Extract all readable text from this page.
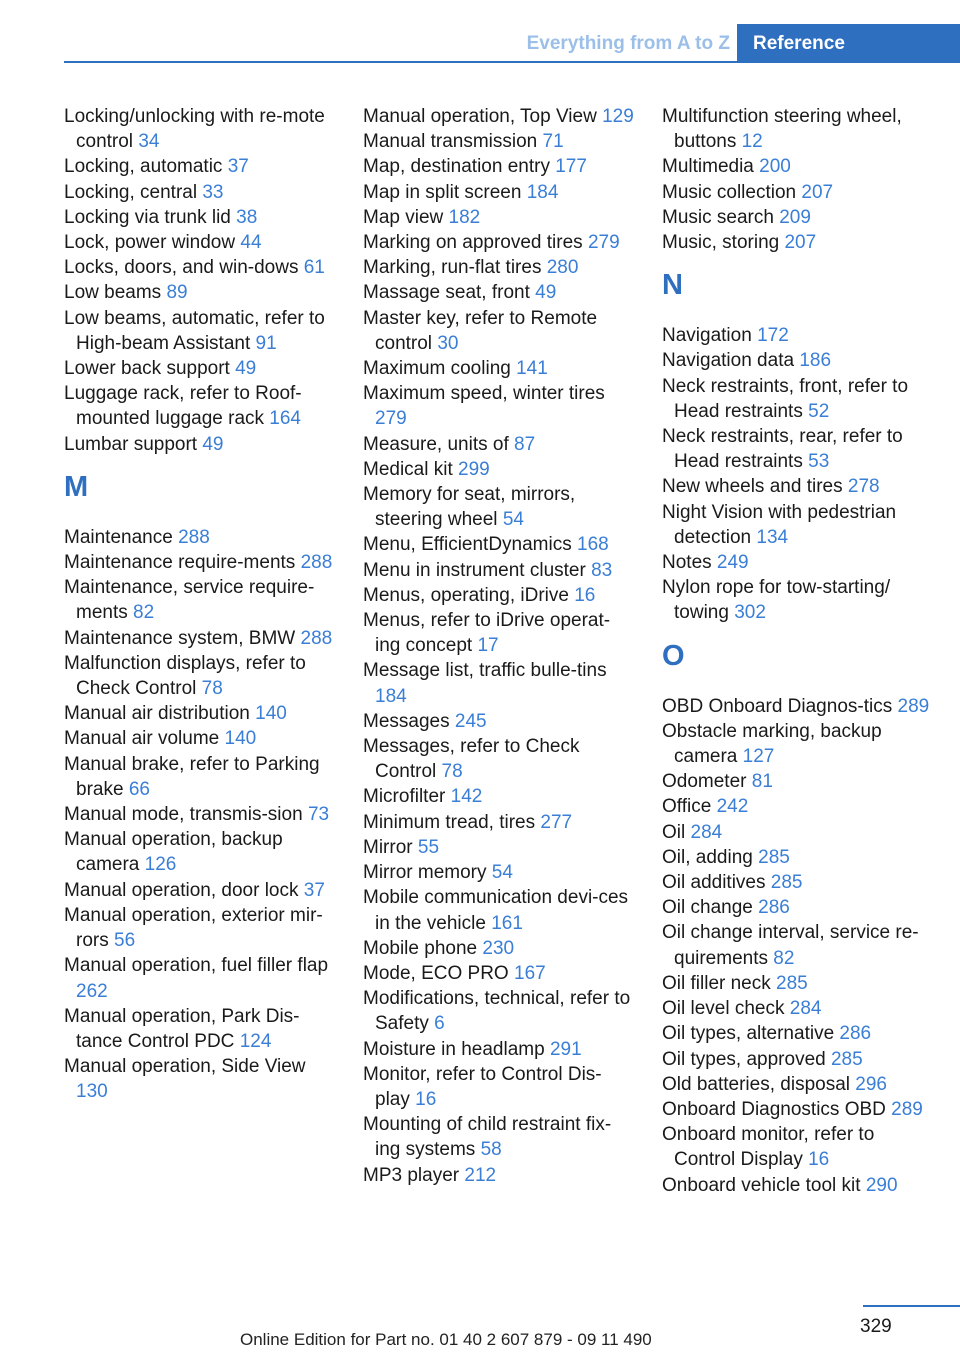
Everything from A to Z	Reference

Locking/unlocking with re-mote control 34

Locking, automatic 37

Locking, central 33

Locking via trunk lid 38

Lock, power window 44

Locks, doors, and win-dows 61

Low beams 89

Low beams, automatic, refer to High-beam Assistant 91

Lower back support 49

Luggage rack, refer to Roof-mounted luggage rack 164

Lumbar support 49

M

Maintenance 288

Maintenance require-ments 288

Maintenance, service require-ments 82

Maintenance system, BMW 288

Malfunction displays, refer to Check Control 78

Manual air distribution 140

Manual air volume 140

Manual brake, refer to Parking brake 66

Manual mode, transmis-sion 73

Manual operation, backup camera 126

Manual operation, door lock 37

Manual operation, exterior mir-rors 56

Manual operation, fuel filler flap 262

Manual operation, Park Dis-tance Control PDC 124

Manual operation, Side View 130

Manual operation, Top View 129

Manual transmission 71

Map, destination entry 177

Map in split screen 184

Map view 182

Marking on approved tires 279

Marking, run-flat tires 280

Massage seat, front 49

Master key, refer to Remote control 30

Maximum cooling 141

Maximum speed, winter tires 279

Measure, units of 87

Medical kit 299

Memory for seat, mirrors, steering wheel 54

Menu, EfficientDynamics 168

Menu in instrument cluster 83

Menus, operating, iDrive 16

Menus, refer to iDrive operat-ing concept 17

Message list, traffic bulle-tins 184

Messages 245

Messages, refer to Check Control 78

Microfilter 142

Minimum tread, tires 277

Mirror 55

Mirror memory 54

Mobile communication devi-ces in the vehicle 161

Mobile phone 230

Mode, ECO PRO 167

Modifications, technical, refer to Safety 6

Moisture in headlamp 291

Monitor, refer to Control Dis-play 16

Mounting of child restraint fix-ing systems 58

MP3 player 212

Multifunction steering wheel, buttons 12

Multimedia 200

Music collection 207

Music search 209

Music, storing 207

N

Navigation 172

Navigation data 186

Neck restraints, front, refer to Head restraints 52

Neck restraints, rear, refer to Head restraints 53

New wheels and tires 278

Night Vision with pedestrian detection 134

Notes 249

Nylon rope for tow-starting/ towing 302

O

OBD Onboard Diagnos-tics 289

Obstacle marking, backup camera 127

Odometer 81

Office 242

Oil 284

Oil, adding 285

Oil additives 285

Oil change 286

Oil change interval, service re-quirements 82

Oil filler neck 285

Oil level check 284

Oil types, alternative 286

Oil types, approved 285

Old batteries, disposal 296

Onboard Diagnostics OBD 289

Onboard monitor, refer to Control Display 16

Onboard vehicle tool kit 290

329
Online Edition for Part no. 01 40 2 607 879 - 09 11 490
